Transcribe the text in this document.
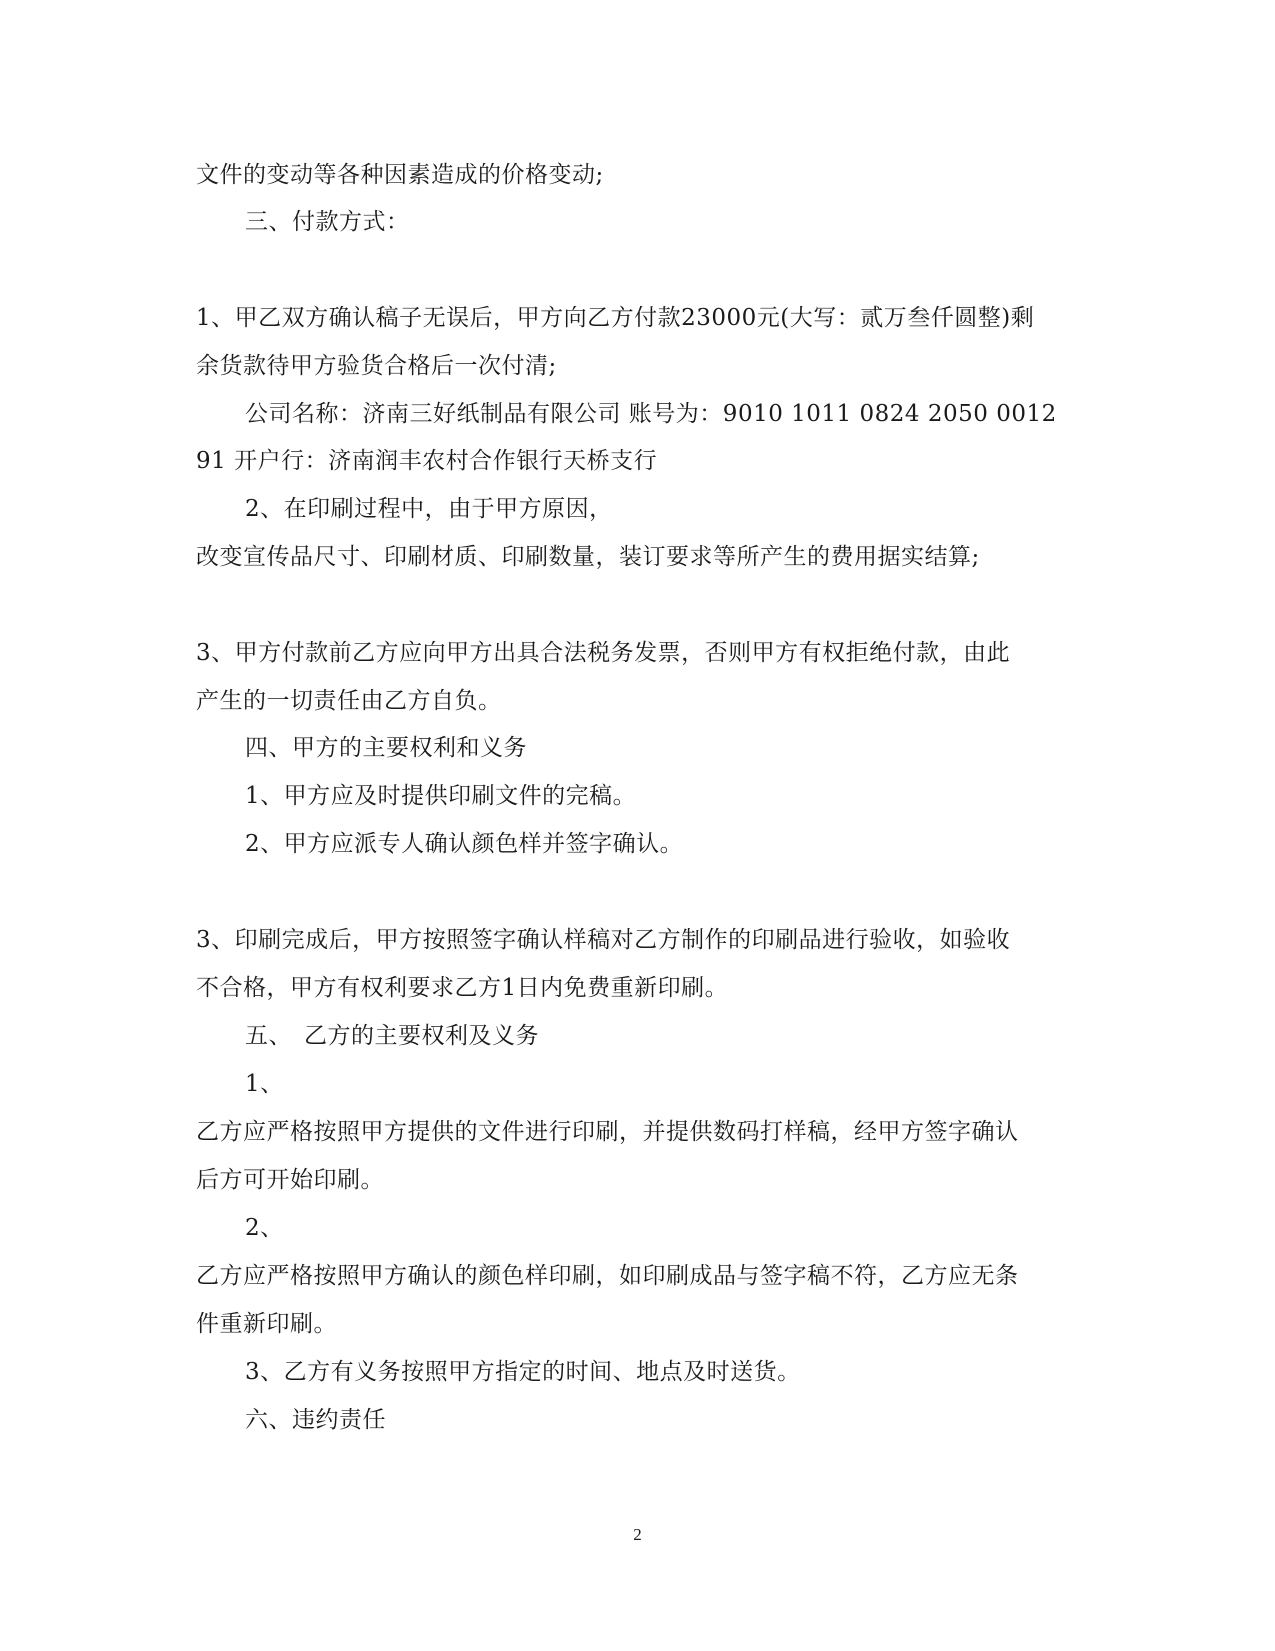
文件的变动等各种因素造成的价格变动;
三、付款方式：
1、甲乙双方确认稿子无误后，甲方向乙方付款23000元(大写：贰万叁仟圆整)剩
余货款待甲方验货合格后一次付清;
公司名称：济南三好纸制品有限公司 账号为：9010 1011 0824 2050 0012
91 开户行：济南润丰农村合作银行天桥支行
2、在印刷过程中，由于甲方原因，
改变宣传品尺寸、印刷材质、印刷数量，装订要求等所产生的费用据实结算;
3、甲方付款前乙方应向甲方出具合法税务发票，否则甲方有权拒绝付款，由此
产生的一切责任由乙方自负。
四、甲方的主要权利和义务
1、甲方应及时提供印刷文件的完稿。
2、甲方应派专人确认颜色样并签字确认。
3、印刷完成后，甲方按照签字确认样稿对乙方制作的印刷品进行验收，如验收
不合格，甲方有权利要求乙方1日内免费重新印刷。
五、　乙方的主要权利及义务
1、
乙方应严格按照甲方提供的文件进行印刷，并提供数码打样稿，经甲方签字确认
后方可开始印刷。
2、
乙方应严格按照甲方确认的颜色样印刷，如印刷成品与签字稿不符，乙方应无条
件重新印刷。
3、乙方有义务按照甲方指定的时间、地点及时送货。
六、违约责任
2
